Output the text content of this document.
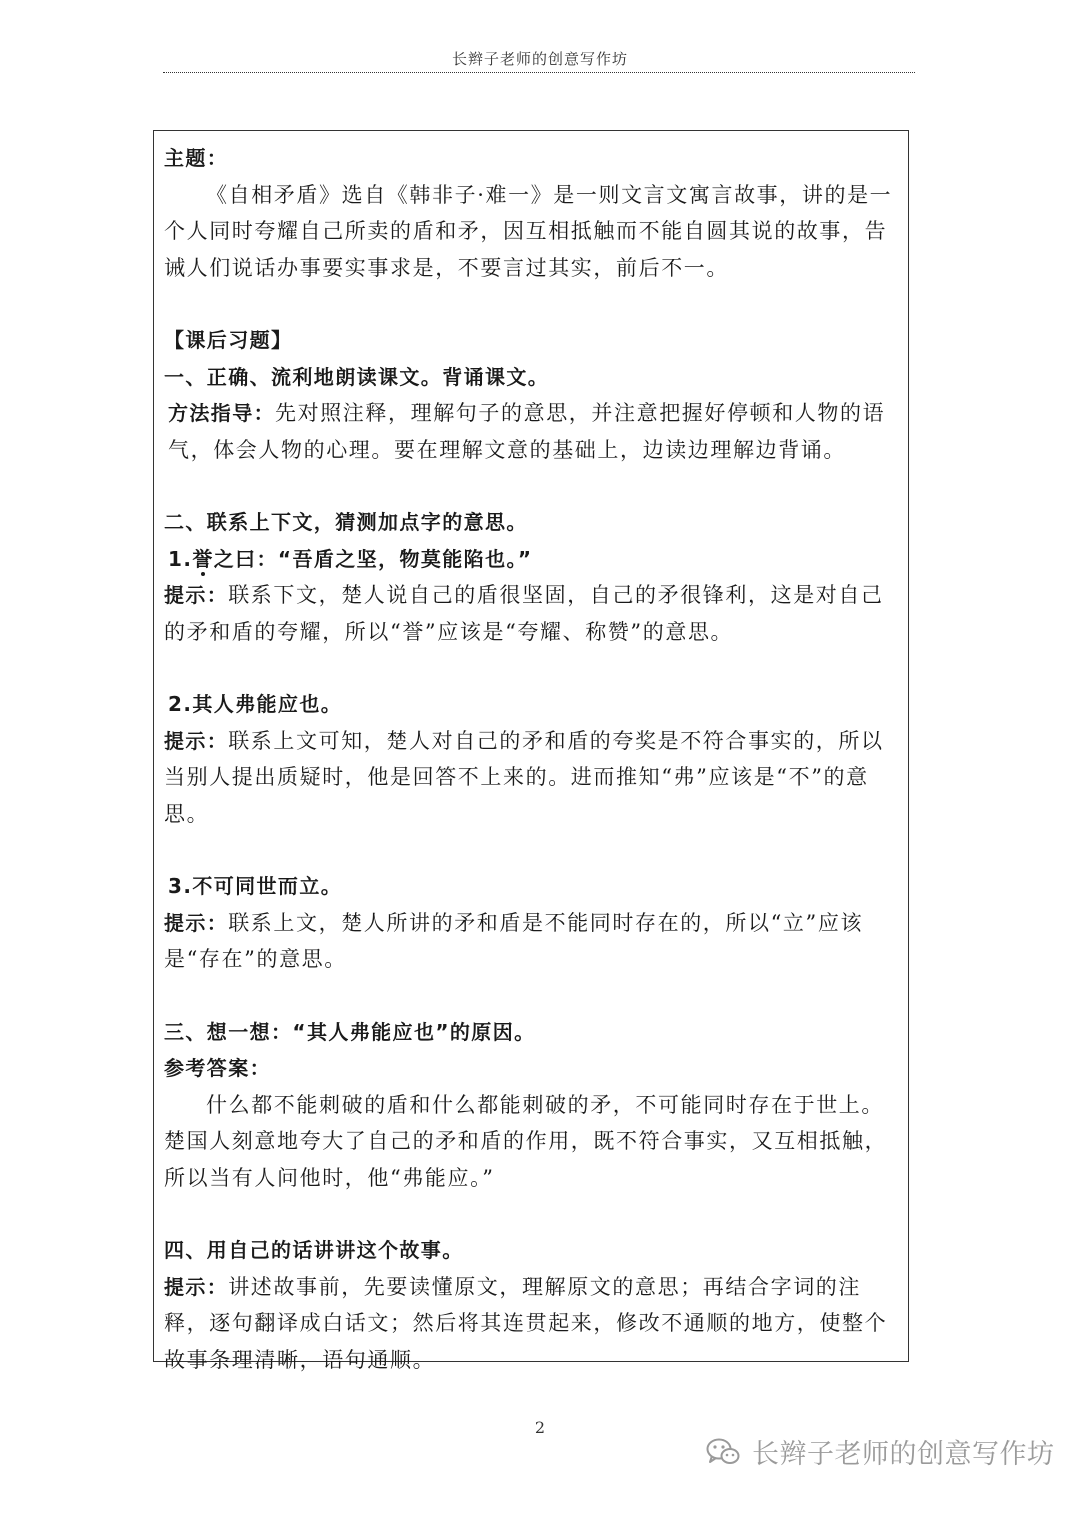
长辫子老师的创意写作坊

主题：

《自相矛盾》选自《韩非子·难一》是一则文言文寓言故事，讲的是一个人同时夸耀自己所卖的盾和矛，因互相抵触而不能自圆其说的故事，告诫人们说话办事要实事求是，不要言过其实，前后不一。

【课后习题】

一、正确、流利地朗读课文。背诵课文。

方法指导：先对照注释，理解句子的意思，并注意把握好停顿和人物的语气，体会人物的心理。要在理解文意的基础上，边读边理解边背诵。

二、联系上下文，猜测加点字的意思。

1.誉之曰：“吾盾之坚，物莫能陷也。”

提示：联系下文，楚人说自己的盾很坚固，自己的矛很锋利，这是对自己的矛和盾的夸耀，所以“誉”应该是“夸耀、称赞”的意思。

2.其人弗能应也。

提示：联系上文可知，楚人对自己的矛和盾的夸奖是不符合事实的，所以当别人提出质疑时，他是回答不上来的。进而推知“弗”应该是“不”的意思。

3.不可同世而立。

提示：联系上文，楚人所讲的矛和盾是不能同时存在的，所以“立”应该是“存在”的意思。

三、想一想：“其人弗能应也”的原因。

参考答案：

什么都不能刺破的盾和什么都能刺破的矛，不可能同时存在于世上。楚国人刻意地夸大了自己的矛和盾的作用，既不符合事实，又互相抵触，所以当有人问他时，他“弗能应。”

四、用自己的话讲讲这个故事。

提示：讲述故事前，先要读懂原文，理解原文的意思；再结合字词的注释，逐句翻译成白话文；然后将其连贯起来，修改不通顺的地方，使整个故事条理清晰，语句通顺。

2
长辫子老师的创意写作坊
